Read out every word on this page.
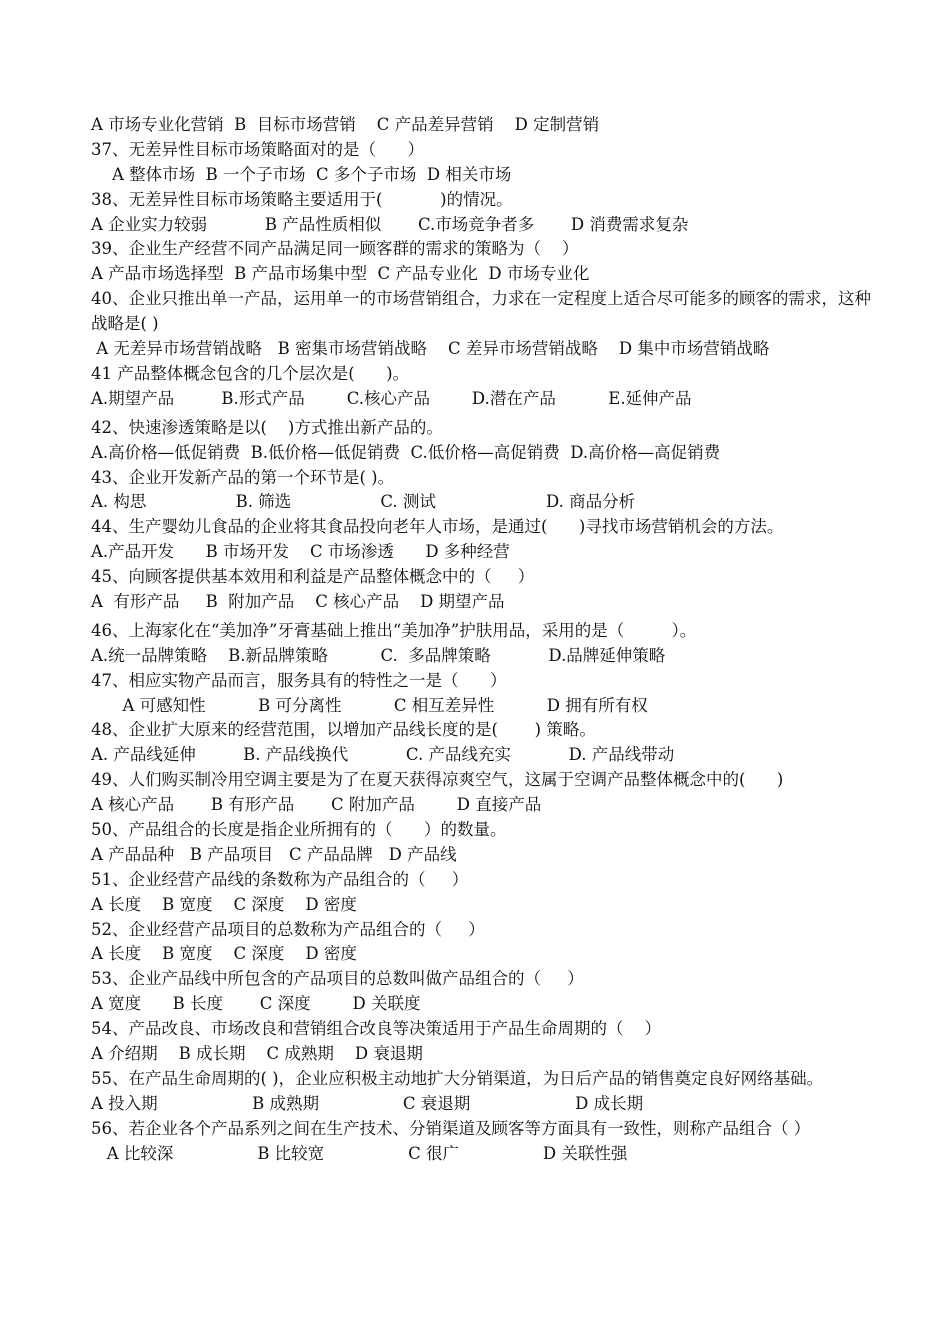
A 市场专业化营销  B  目标市场营销    C 产品差异营销    D 定制营销
37、无差异性目标市场策略面对的是（      ）
A 整体市场  B 一个子市场  C 多个子市场  D 相关市场
38、无差异性目标市场策略主要适用于(           )的情况。
A 企业实力较弱           B 产品性质相似       C.市场竞争者多       D 消费需求复杂
39、企业生产经营不同产品满足同一顾客群的需求的策略为（    ）
A 产品市场选择型  B 产品市场集中型  C 产品专业化  D 市场专业化
40、企业只推出单一产品，运用单一的市场营销组合，力求在一定程度上适合尽可能多的顾客的需求，这种战略是( )
A 无差异市场营销战略   B 密集市场营销战略    C 差异市场营销战略    D 集中市场营销战略
41 产品整体概念包含的几个层次是(      )。
A.期望产品         B.形式产品        C.核心产品        D.潜在产品          E.延伸产品
42、快速渗透策略是以(    )方式推出新产品的。
A.高价格—低促销费  B.低价格—低促销费  C.低价格—高促销费  D.高价格—高促销费
43、企业开发新产品的第一个环节是( )。
A. 构思                 B. 筛选                 C. 测试                     D. 商品分析
44、生产婴幼儿食品的企业将其食品投向老年人市场，是通过(      )寻找市场营销机会的方法。
A.产品开发      B 市场开发    C 市场渗透      D 多种经营
45、向顾客提供基本效用和利益是产品整体概念中的（     ）
A  有形产品     B  附加产品    C 核心产品    D 期望产品
46、上海家化在“美加净”牙膏基础上推出“美加净”护肤用品，采用的是（         ）。
A.统一品牌策略    B.新品牌策略          C.  多品牌策略           D.品牌延伸策略
47、相应实物产品而言，服务具有的特性之一是（      ）
A 可感知性          B 可分离性          C 相互差异性          D 拥有所有权
48、企业扩大原来的经营范围，以增加产品线长度的是(       ) 策略。
A. 产品线延伸         B. 产品线换代           C. 产品线充实           D. 产品线带动
49、人们购买制冷用空调主要是为了在夏天获得凉爽空气，这属于空调产品整体概念中的(      )
A 核心产品       B 有形产品       C 附加产品        D 直接产品
50、产品组合的长度是指企业所拥有的（      ）的数量。
A 产品品种   B 产品项目   C 产品品牌   D 产品线
51、企业经营产品线的条数称为产品组合的（     ）
A 长度    B 宽度    C 深度    D 密度
52、企业经营产品项目的总数称为产品组合的（     ）
A 长度    B 宽度    C 深度    D 密度
53、企业产品线中所包含的产品项目的总数叫做产品组合的（     ）
A 宽度      B 长度       C 深度        D 关联度
54、产品改良、市场改良和营销组合改良等决策适用于产品生命周期的（    ）
A 介绍期    B 成长期    C 成熟期    D 衰退期
55、在产品生命周期的( )，企业应积极主动地扩大分销渠道，为日后产品的销售奠定良好网络基础。
A 投入期                  B 成熟期                C 衰退期                    D 成长期
56、若企业各个产品系列之间在生产技术、分销渠道及顾客等方面具有一致性，则称产品组合（ ）
A 比较深                B 比较宽                C 很广                D 关联性强
